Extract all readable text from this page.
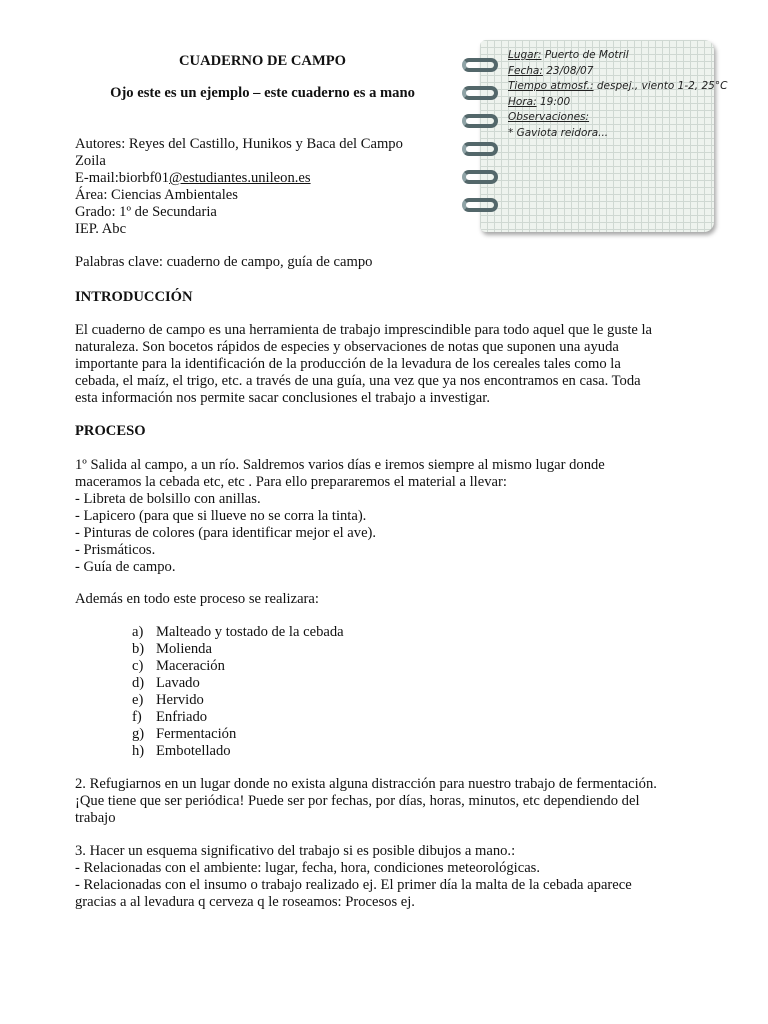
CUADERNO DE CAMPO
Ojo este es un ejemplo – este cuaderno es a mano
Autores: Reyes del Castillo, Hunikos y Baca del Campo
Zoila
E-mail:biorbf01@estudiantes.unileon.es
Área: Ciencias Ambientales
Grado: 1º de Secundaria
IEP. Abc
Palabras clave: cuaderno de campo, guía de campo
Lugar: Puerto de Motril
Fecha: 23/08/07
Tiempo atmosf.: despej., viento 1-2, 25°C
Hora: 19:00
Observaciones:
* Gaviota reidora...
INTRODUCCIÓN
El cuaderno de campo es una herramienta de trabajo imprescindible para todo aquel que le guste la
naturaleza. Son bocetos rápidos de especies y observaciones de notas que suponen una ayuda
importante para la identificación de la producción de la levadura de los cereales tales como la
cebada, el maíz, el trigo, etc. a través de una guía, una vez que ya nos encontramos en casa. Toda
esta información nos permite sacar conclusiones el trabajo a investigar.
PROCESO
1º Salida al campo, a un río. Saldremos varios días e iremos siempre al mismo lugar donde
maceramos la cebada etc, etc . Para ello prepararemos el material a llevar:
- Libreta de bolsillo con anillas.
- Lapicero (para que si llueve no se corra la tinta).
- Pinturas de colores (para identificar mejor el ave).
- Prismáticos.
- Guía de campo.
Además en todo este proceso se realizara:
a) Malteado y tostado de la cebada
b) Molienda
c) Maceración
d) Lavado
e) Hervido
f) Enfriado
g) Fermentación
h) Embotellado
2. Refugiarnos en un lugar donde no exista alguna distracción para nuestro trabajo de fermentación.
¡Que tiene que ser periódica! Puede ser por fechas, por días, horas, minutos, etc dependiendo del
trabajo
3. Hacer un esquema significativo del trabajo si es posible dibujos a mano.:
- Relacionadas con el ambiente: lugar, fecha, hora, condiciones meteorológicas.
- Relacionadas con el insumo o trabajo realizado ej. El primer día la malta de la cebada aparece
gracias a al levadura q cerveza q le roseamos: Procesos ej.
